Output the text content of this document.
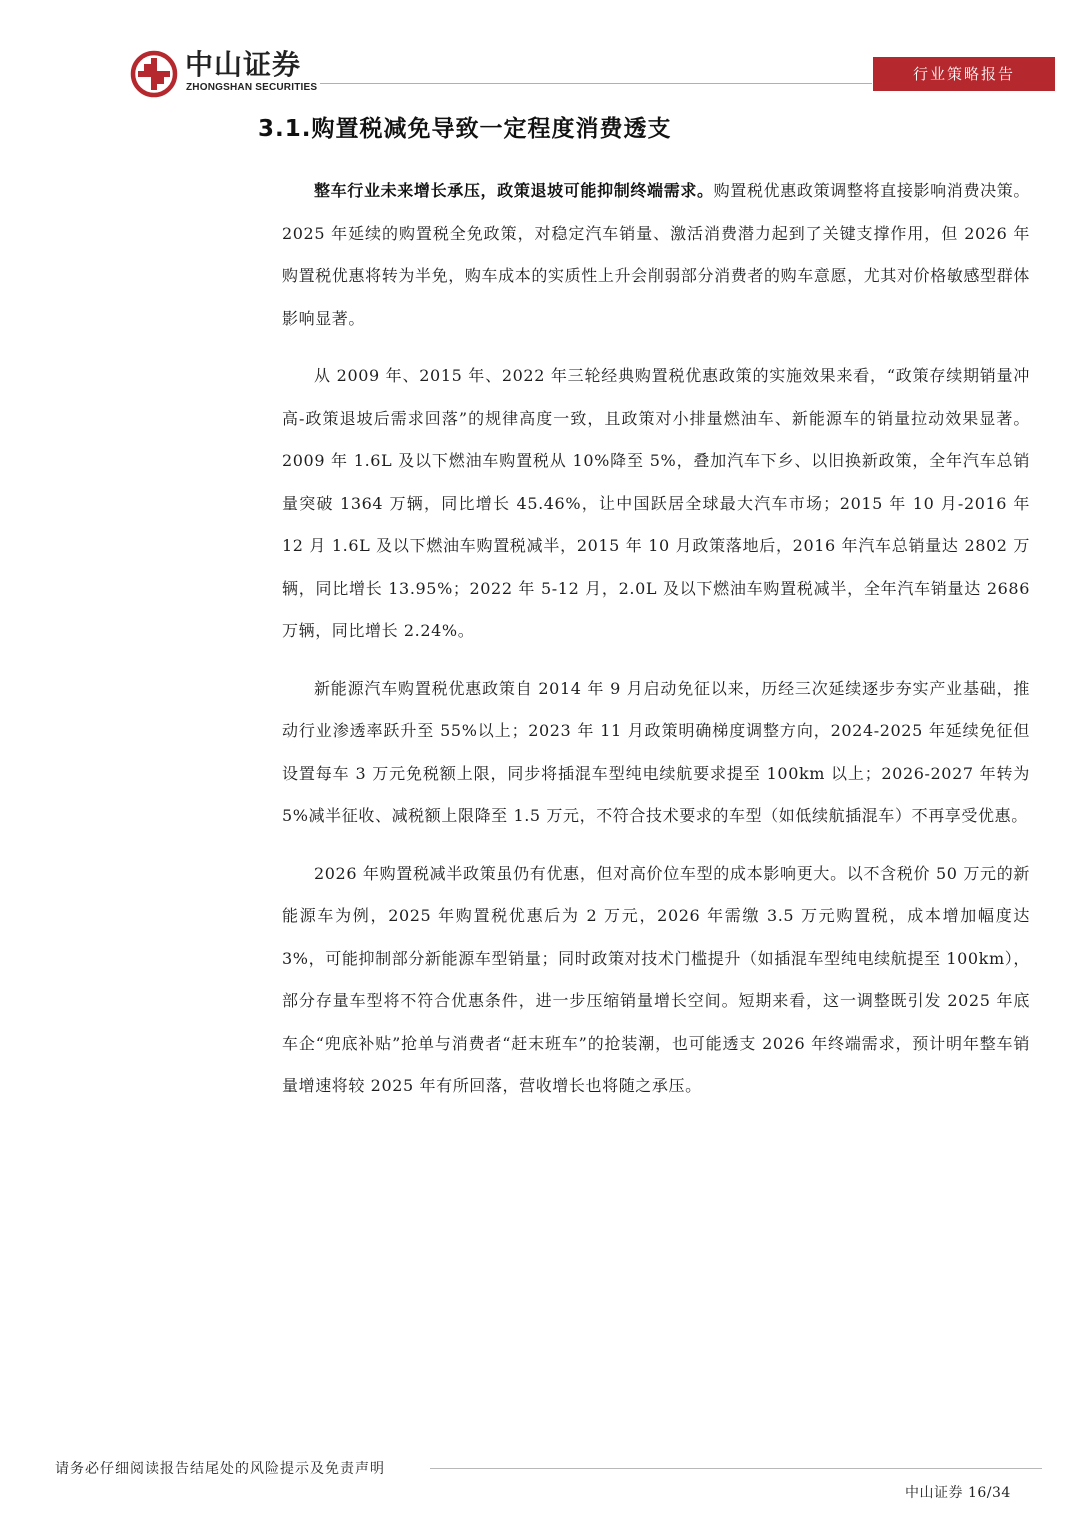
中山证券
ZHONGSHAN SECURITIES
行业策略报告
3.1.购置税减免导致一定程度消费透支

整车行业未来增长承压，政策退坡可能抑制终端需求。购置税优惠政策调整将直接影响消费决策。2025 年延续的购置税全免政策，对稳定汽车销量、激活消费潜力起到了关键支撑作用，但 2026 年购置税优惠将转为半免，购车成本的实质性上升会削弱部分消费者的购车意愿，尤其对价格敏感型群体影响显著。

从 2009 年、2015 年、2022 年三轮经典购置税优惠政策的实施效果来看，“政策存续期销量冲高-政策退坡后需求回落”的规律高度一致，且政策对小排量燃油车、新能源车的销量拉动效果显著。2009 年 1.6L 及以下燃油车购置税从 10%降至 5%，叠加汽车下乡、以旧换新政策，全年汽车总销量突破 1364 万辆，同比增长 45.46%，让中国跃居全球最大汽车市场；2015 年 10 月-2016 年 12 月 1.6L 及以下燃油车购置税减半，2015 年 10 月政策落地后，2016 年汽车总销量达 2802 万辆，同比增长 13.95%；2022 年 5-12 月，2.0L 及以下燃油车购置税减半，全年汽车销量达 2686 万辆，同比增长 2.24%。

新能源汽车购置税优惠政策自 2014 年 9 月启动免征以来，历经三次延续逐步夯实产业基础，推动行业渗透率跃升至 55%以上；2023 年 11 月政策明确梯度调整方向，2024-2025 年延续免征但设置每车 3 万元免税额上限，同步将插混车型纯电续航要求提至 100km 以上；2026-2027 年转为 5%减半征收、减税额上限降至 1.5 万元，不符合技术要求的车型（如低续航插混车）不再享受优惠。

2026 年购置税减半政策虽仍有优惠，但对高价位车型的成本影响更大。以不含税价 50 万元的新能源车为例，2025 年购置税优惠后为 2 万元，2026 年需缴 3.5 万元购置税，成本增加幅度达 3%，可能抑制部分新能源车型销量；同时政策对技术门槛提升（如插混车型纯电续航提至 100km），部分存量车型将不符合优惠条件，进一步压缩销量增长空间。短期来看，这一调整既引发 2025 年底车企“兜底补贴”抢单与消费者“赶末班车”的抢装潮，也可能透支 2026 年终端需求，预计明年整车销量增速将较 2025 年有所回落，营收增长也将随之承压。

请务必仔细阅读报告结尾处的风险提示及免责声明
中山证券 16/34
